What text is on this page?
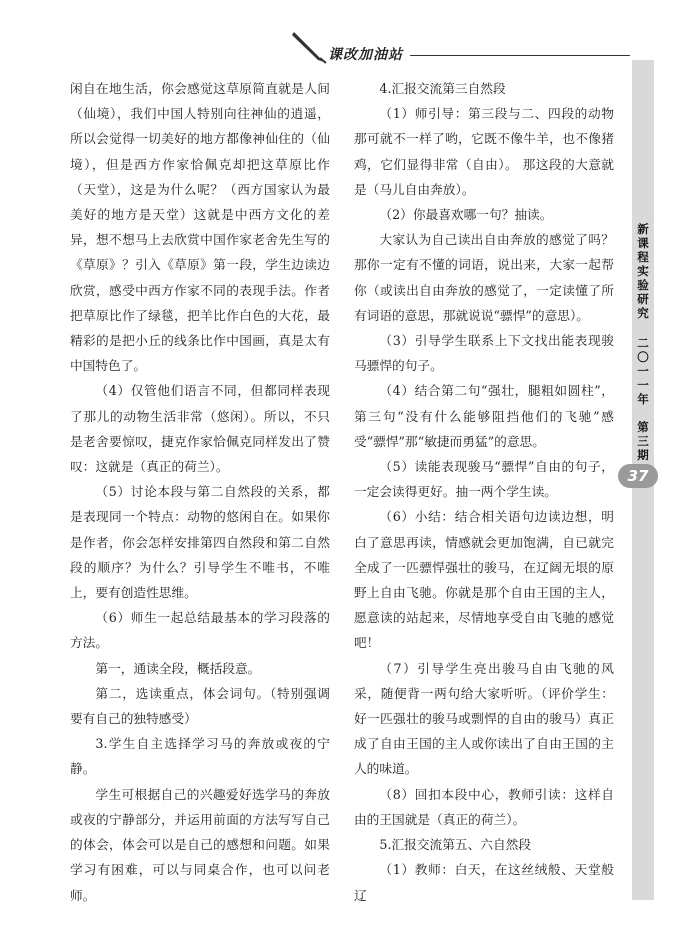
课改加油站

闲自在地生活，你会感觉这草原简直就是人间（仙境），我们中国人特别向往神仙的逍遥，所以会觉得一切美好的地方都像神仙住的（仙境），但是西方作家恰佩克却把这草原比作（天堂），这是为什么呢？（西方国家认为最美好的地方是天堂）这就是中西方文化的差异，想不想马上去欣赏中国作家老舍先生写的《草原》？引入《草原》第一段，学生边读边欣赏，感受中西方作家不同的表现手法。作者把草原比作了绿毯，把羊比作白色的大花，最精彩的是把小丘的线条比作中国画，真是太有中国特色了。

（4）仅管他们语言不同，但都同样表现了那儿的动物生活非常（悠闲）。所以，不只是老舍要惊叹，捷克作家恰佩克同样发出了赞叹：这就是（真正的荷兰）。

（5）讨论本段与第二自然段的关系，都是表现同一个特点：动物的悠闲自在。如果你是作者，你会怎样安排第四自然段和第二自然段的顺序？为什么？引导学生不唯书，不唯上，要有创造性思维。

（6）师生一起总结最基本的学习段落的方法。

第一，通读全段，概括段意。

第二，选读重点，体会词句。（特别强调要有自己的独特感受）

3.学生自主选择学习马的奔放或夜的宁静。

学生可根据自己的兴趣爱好选学马的奔放或夜的宁静部分，并运用前面的方法写写自己的体会，体会可以是自己的感想和问题。如果学习有困难，可以与同桌合作，也可以问老师。

4.汇报交流第三自然段

（1）师引导：第三段与二、四段的动物那可就不一样了哟，它既不像牛羊，也不像猪鸡，它们显得非常（自由）。 那这段的大意就是（马儿自由奔放）。

（2）你最喜欢哪一句？抽读。

大家认为自己读出自由奔放的感觉了吗？那你一定有不懂的词语，说出来，大家一起帮你（或读出自由奔放的感觉了，一定读懂了所有词语的意思，那就说说“骠悍”的意思）。

（3）引导学生联系上下文找出能表现骏马骠悍的句子。

（4）结合第二句“强壮，腿粗如圆柱”，第三句“没有什么能够阻挡他们的飞驰”感受“骠悍”那“敏捷而勇猛”的意思。

（5）读能表现骏马“骠悍”自由的句子，一定会读得更好。抽一两个学生读。

（6）小结：结合相关语句边读边想，明白了意思再读，情感就会更加饱满，自已就完全成了一匹骠悍强壮的骏马，在辽阔无垠的原野上自由飞驰。你就是那个自由王国的主人，愿意读的站起来，尽情地享受自由飞驰的感觉吧！

（7）引导学生亮出骏马自由飞驰的风采，随便背一两句给大家听听。（评价学生：好一匹强壮的骏马或剽悍的自由的骏马）真正成了自由王国的主人或你读出了自由王国的主人的味道。

（8）回扣本段中心，教师引读：这样自由的王国就是（真正的荷兰）。

5.汇报交流第五、六自然段

（1）教师：白天，在这丝绒般、天堂般辽

新
课
程
实
验
研
究
二
〇
一
一
年

第
三
期
37
